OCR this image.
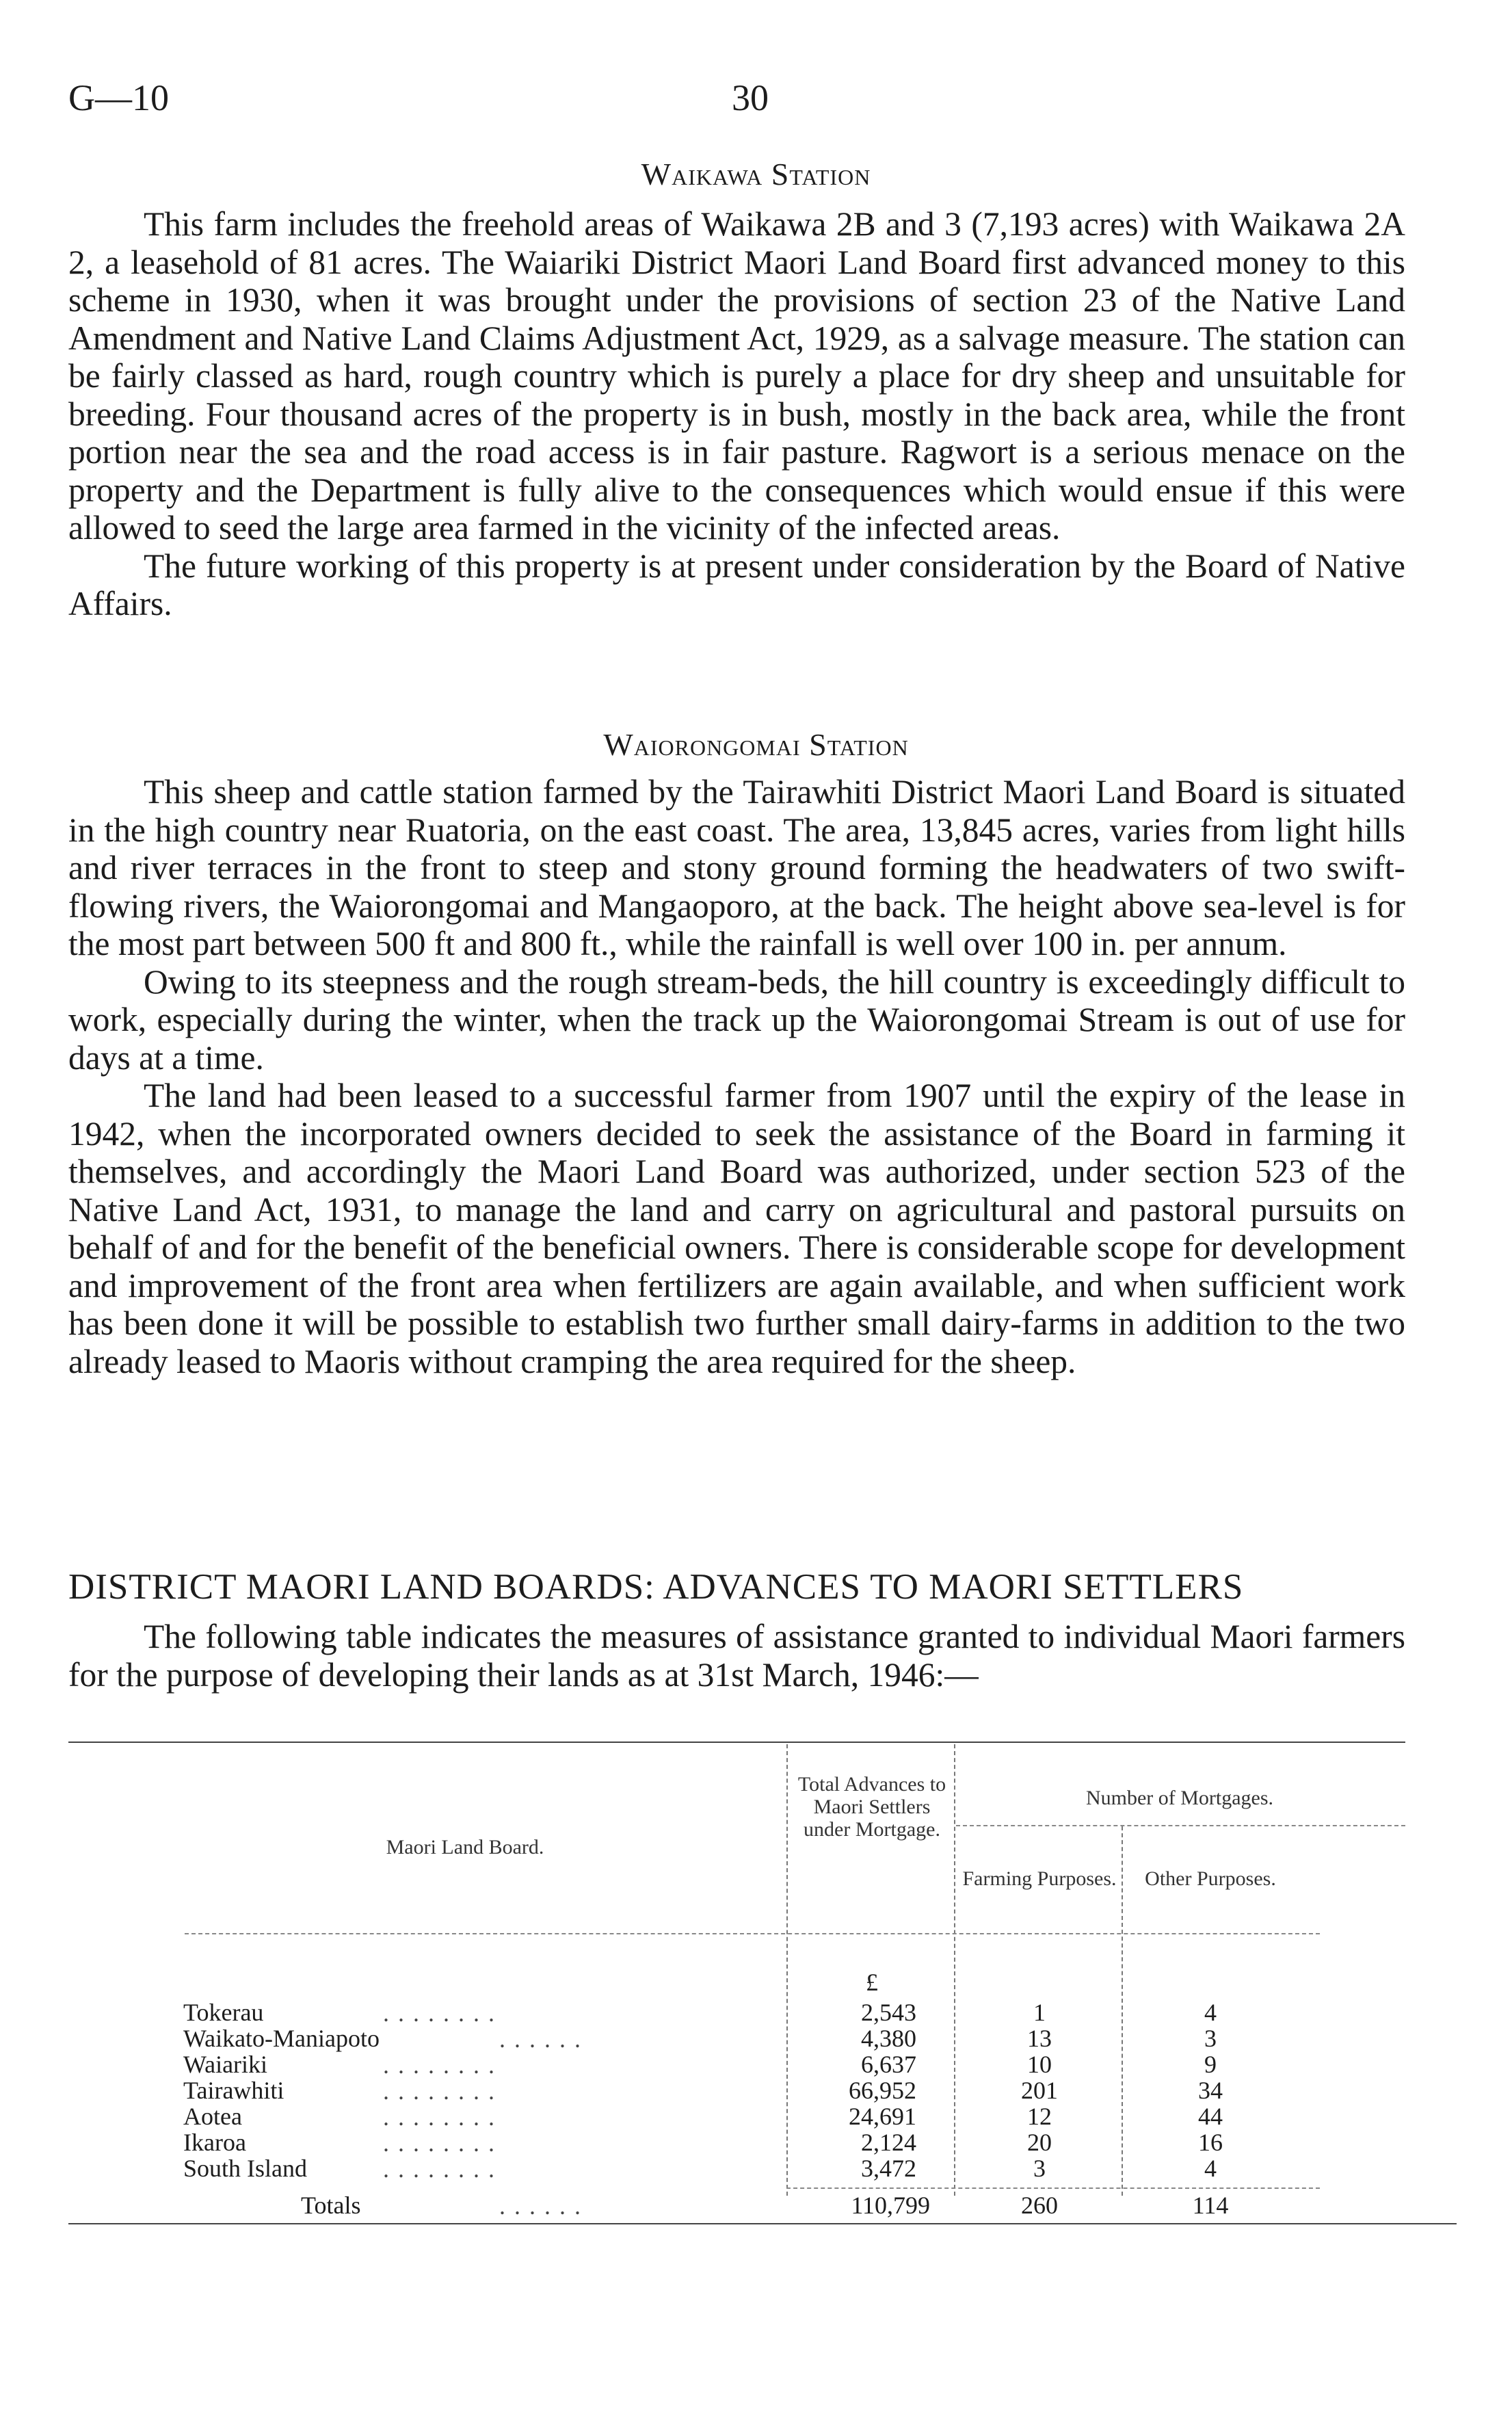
G—10	30
Waikawa Station

This farm includes the freehold areas of Waikawa 2B and 3 (7,193 acres) with Waikawa 2A 2, a leasehold of 81 acres. The Waiariki District Maori Land Board first advanced money to this scheme in 1930, when it was brought under the provisions of section 23 of the Native Land Amendment and Native Land Claims Adjustment Act, 1929, as a salvage measure. The station can be fairly classed as hard, rough country which is purely a place for dry sheep and unsuitable for breeding. Four thousand acres of the property is in bush, mostly in the back area, while the front portion near the sea and the road access is in fair pasture. Ragwort is a serious menace on the property and the Department is fully alive to the consequences which would ensue if this were allowed to seed the large area farmed in the vicinity of the infected areas.

The future working of this property is at present under consideration by the Board of Native Affairs.

Waiorongomai Station

This sheep and cattle station farmed by the Tairawhiti District Maori Land Board is situated in the high country near Ruatoria, on the east coast. The area, 13,845 acres, varies from light hills and river terraces in the front to steep and stony ground forming the headwaters of two swift-flowing rivers, the Waiorongomai and Mangaoporo, at the back. The height above sea-level is for the most part between 500 ft and 800 ft., while the rainfall is well over 100 in. per annum.

Owing to its steepness and the rough stream-beds, the hill country is exceedingly difficult to work, especially during the winter, when the track up the Waiorongomai Stream is out of use for days at a time.

The land had been leased to a successful farmer from 1907 until the expiry of the lease in 1942, when the incorporated owners decided to seek the assistance of the Board in farming it themselves, and accordingly the Maori Land Board was authorized, under section 523 of the Native Land Act, 1931, to manage the land and carry on agricultural and pastoral pursuits on behalf of and for the benefit of the beneficial owners. There is considerable scope for development and improvement of the front area when fertilizers are again available, and when sufficient work has been done it will be possible to establish two further small dairy-farms in addition to the two already leased to Maoris without cramping the area required for the sheep.

DISTRICT MAORI LAND BOARDS: ADVANCES TO MAORI SETTLERS

The following table indicates the measures of assistance granted to individual Maori farmers for the purpose of developing their lands as at 31st March, 1946:—

Maori Land Board.
Total Advances to Maori Settlers under Mortgage.
Number of Mortgages.
Farming Purposes.	Other Purposes.
£
Tokerau	. . . . . . . .	2,543	1	4
Waikato-Maniapoto	. . . . . .	4,380	13	3
Waiariki	. . . . . . . .	6,637	10	9
Tairawhiti	. . . . . . . .	66,952	201	34
Aotea	. . . . . . . .	24,691	12	44
Ikaroa	. . . . . . . .	2,124	20	16
South Island	. . . . . . . .	3,472	3	4
Totals	. . . . . .	110,799	260	114
